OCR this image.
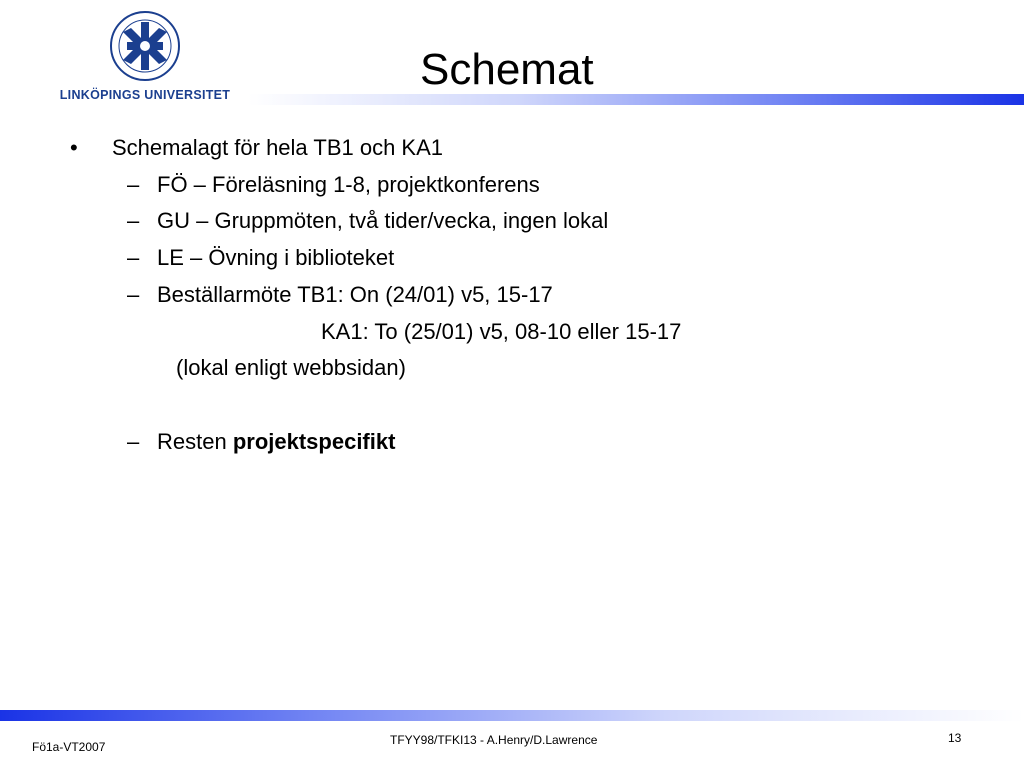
LINKÖPINGS UNIVERSITET
Schemat
• Schemalagt för hela TB1 och KA1
– FÖ – Föreläsning 1-8, projektkonferens
– GU – Gruppmöten, två tider/vecka, ingen lokal
– LE – Övning i biblioteket
– Beställarmöte TB1: On (24/01) v5, 15-17
KA1: To (25/01) v5, 08-10 eller 15-17
(lokal enligt webbsidan)
– Resten projektspecifikt
Fö1a-VT2007	TFYY98/TFKI13 - A.Henry/D.Lawrence	13
